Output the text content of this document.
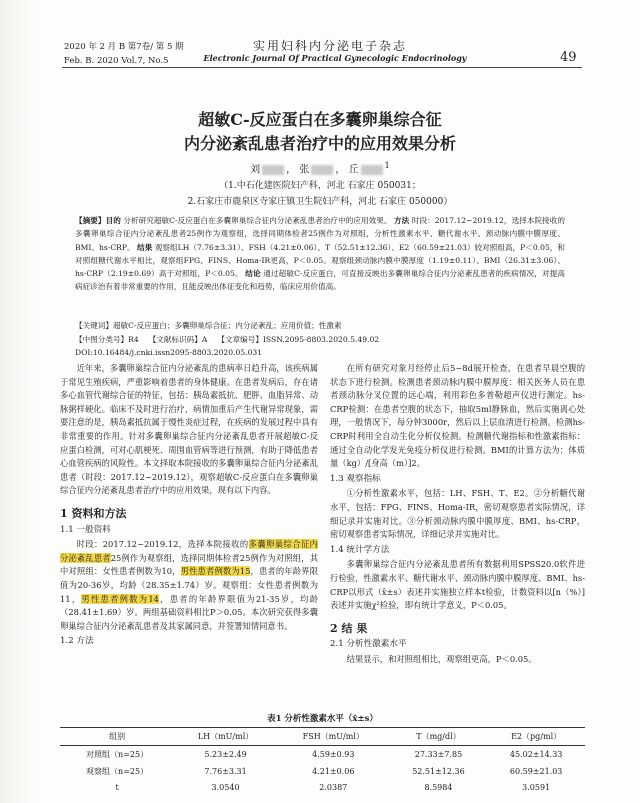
2020 年 2 月 B 第7卷/ 第 5 期
Feb. B. 2020 Vol.7, No.5
实用妇科内分泌电子杂志
Electronic Journal Of Practical Gynecologic Endocrinology	49
超敏C-反应蛋白在多囊卵巢综合征
内分泌紊乱患者治疗中的应用效果分析
刘	， 张	， 丘	$^1$
（1.中石化建医院妇产科，河北 石家庄 050031；
2.石家庄市鹿泉区寺家庄镇卫生院妇产科，河北 石家庄 050000）
【摘要】目的 分析研究超敏C-反应蛋白在多囊卵巢综合征内分泌紊乱患者治疗中的应用效果。 方法 时段：2017.12~2019.12，选择本院接收的多囊卵巢综合征内分泌紊乱患者25例作为观察组，选择同期体检者25例作为对照组，分析性激素水平、糖代谢水平、颈动脉内膜中膜厚度、BMI、hs-CRP。 结果 观察组LH（7.76±3.31）、FSH（4.21±0.06）、T（52.51±12.36）、E2（60.59±21.03）较对照组高，P＜0.05，和对照组糖代谢水平相比，观察组FPG、FINS、Homa-IR更高，P＜0.05。观察组颈动脉内膜中膜厚度（1.19±0.11）、BMI（26.31±3.06）、hs-CRP（2.19±0.69）高于对照组，P＜0.05。 结论 通过超敏C-反应蛋白，可直接反映出多囊卵巢综合征内分泌紊乱患者的疾病情况，对提高病症诊治有着非常重要的作用，且能反映出体征变化和趋势，临床应用价值高。
【关键词】超敏C-反应蛋白；多囊卵巢综合征；内分泌紊乱；应用价值；性激素
【中图分类号】R4 【文献标识码】A 【文章编号】ISSN.2095-8803.2020.5.49.02
DOI:10.16484/j.cnki.issn2095-8803.2020.05.031
近年来，多囊卵巢综合征内分泌紊乱的患病率日趋升高，该疾病属于常见生殖疾病，严重影响着患者的身体健康。在患者发病后，存在诸多心血管代谢综合征的特征，包括：胰岛素抵抗、肥胖、血脂异常、动脉粥样硬化。临床不及时进行治疗，病情加重后产生代谢异常现象，需要注意的是，胰岛素抵抗属于慢性炎症过程，在疾病的发展过程中具有非常重要的作用。针对多囊卵巢综合征内分泌紊乱患者开展超敏C-反应蛋白检测，可对心肌梗死、周围血管病等进行预测，有助于降低患者心血管疾病的风险性。本文择取本院接收的多囊卵巢综合征内分泌紊乱患者（时段：2017.12~2019.12），观察超敏C-反应蛋白在多囊卵巢综合征内分泌紊乱患者治疗中的应用效果，现有以下内容。
1 资料和方法
1.1 一般资料
时段：2017.12~2019.12，选择本院接收的多囊卵巢综合征内分泌紊乱患者25例作为观察组，选择同期体检者25例作为对照组，其中对照组：女性患者例数为10，男性患者例数为15，患者的年龄界限值为20-36岁，均龄（28.35±1.74）岁。观察组：女性患者例数为11，男性患者例数为14，患者的年龄界限值为21-35岁，均龄（28.41±1.69）岁。两组基础资料相比P＞0.05。本次研究获得多囊卵巢综合征内分泌紊乱患者及其家属同意，并签署知情同意书。
1.2 方法
在所有研究对象月经停止后5~8d展开检查，在患者早晨空腹的状态下进行检测。检测患者颈动脉内膜中膜厚度：相关医务人员在患者颈动脉分叉位置的远心端，利用彩色多普勒超声仪进行测定。hs-CRP检测：在患者空腹的状态下，抽取5ml静脉血，然后实施离心处理，一般情况下，每分钟3000r，然后以上层血清进行检测。检测hs-CRP时利用全自动生化分析仪检测。检测糖代谢指标和性激素指标：通过全自动化学发光免疫分析仪进行检测。BMI的计算方法为：体质量（kg）/[身高（m）]2。
1.3 观察指标
①分析性激素水平，包括：LH、FSH、T、E2。②分析糖代谢水平，包括：FPG、FINS、Homa-IR，密切观察患者实际情况，详细记录并实施对比。③分析颈动脉内膜中膜厚度、BMI、hs-CRP，密切观察患者实际情况，详细记录并实施对比。
1.4 统计学方法
多囊卵巢综合征内分泌紊乱患者所有数据利用SPSS20.0软件进行检验，性激素水平、糖代谢水平、颈动脉内膜中膜厚度、BMI、hs-CRP以形式（x̄±s）表述并实施独立样本t检验，计数资料以[n（%）]表述并实施χ²检验，即有统计学意义，P＜0.05。
2 结 果
2.1 分析性激素水平
结果显示，和对照组相比，观察组更高，P＜0.05。
表1 分析性激素水平（x̄±s）
组别	LH（mU/ml）	FSH（mU/ml）	T（mg/dl）	E2（pg/ml）
对照组（n=25）	5.23±2.49	4.59±0.93	27.33±7.85	45.02±14.33
观察组（n=25）	7.76±3.31	4.21±0.06	52.51±12.36	60.59±21.03
t	3.0540	2.0387	8.5984	3.0591
